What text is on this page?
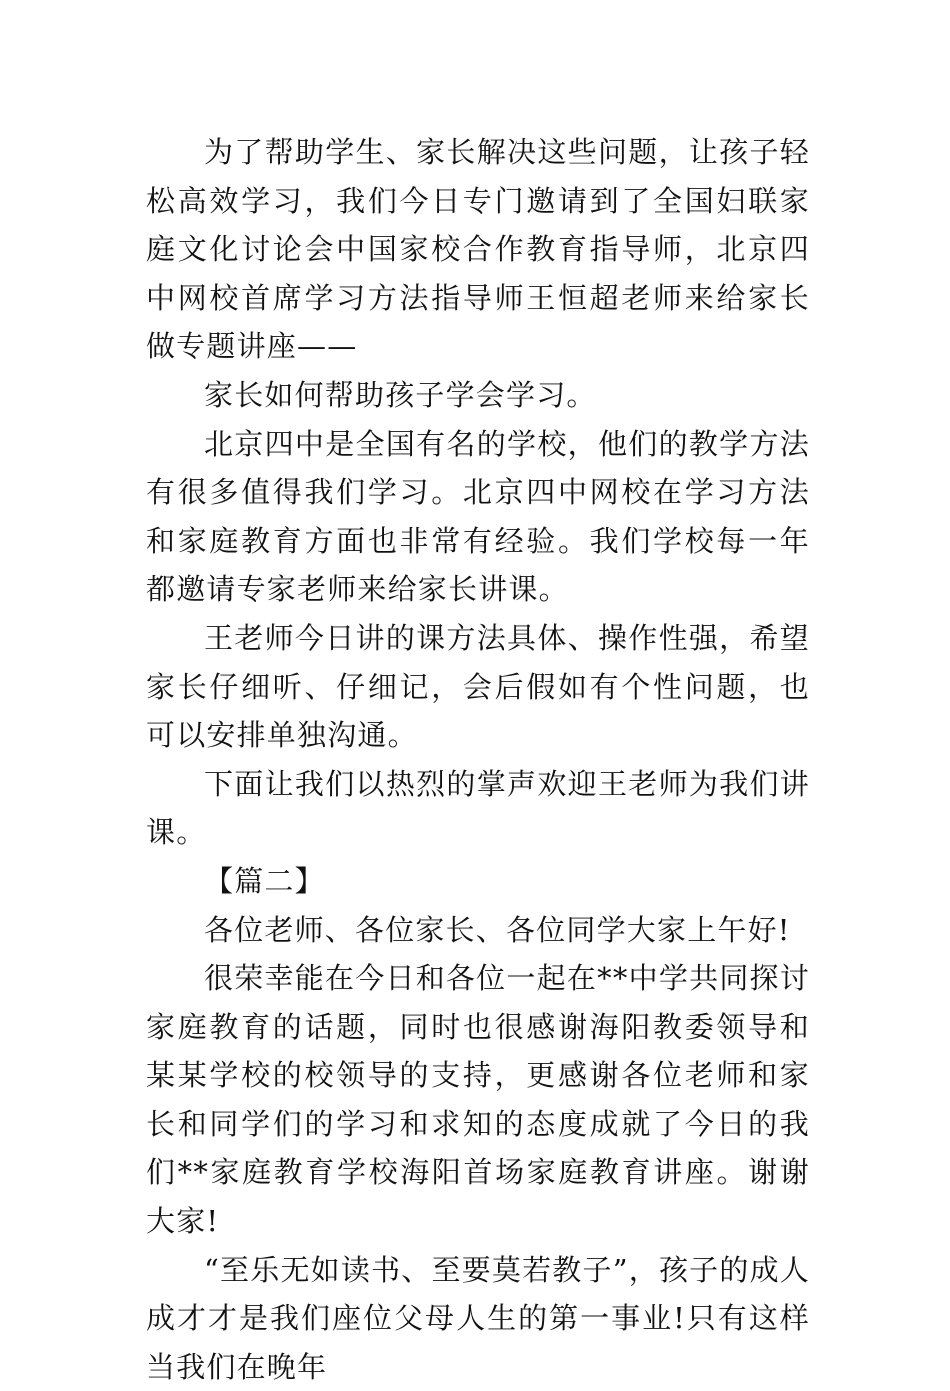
为了帮助学生、家长解决这些问题，让孩子轻松高效学习，我们今日专门邀请到了全国妇联家庭文化讨论会中国家校合作教育指导师，北京四中网校首席学习方法指导师王恒超老师来给家长做专题讲座——

家长如何帮助孩子学会学习。

北京四中是全国有名的学校，他们的教学方法有很多值得我们学习。北京四中网校在学习方法和家庭教育方面也非常有经验。我们学校每一年都邀请专家老师来给家长讲课。

王老师今日讲的课方法具体、操作性强，希望家长仔细听、仔细记，会后假如有个性问题，也可以安排单独沟通。

下面让我们以热烈的掌声欢迎王老师为我们讲课。

【篇二】

各位老师、各位家长、各位同学大家上午好!

很荣幸能在今日和各位一起在**中学共同探讨家庭教育的话题，同时也很感谢海阳教委领导和某某学校的校领导的支持，更感谢各位老师和家长和同学们的学习和求知的态度成就了今日的我们**家庭教育学校海阳首场家庭教育讲座。谢谢大家!

“至乐无如读书、至要莫若教子”，孩子的成人成才才是我们座位父母人生的第一事业!只有这样当我们在晚年
